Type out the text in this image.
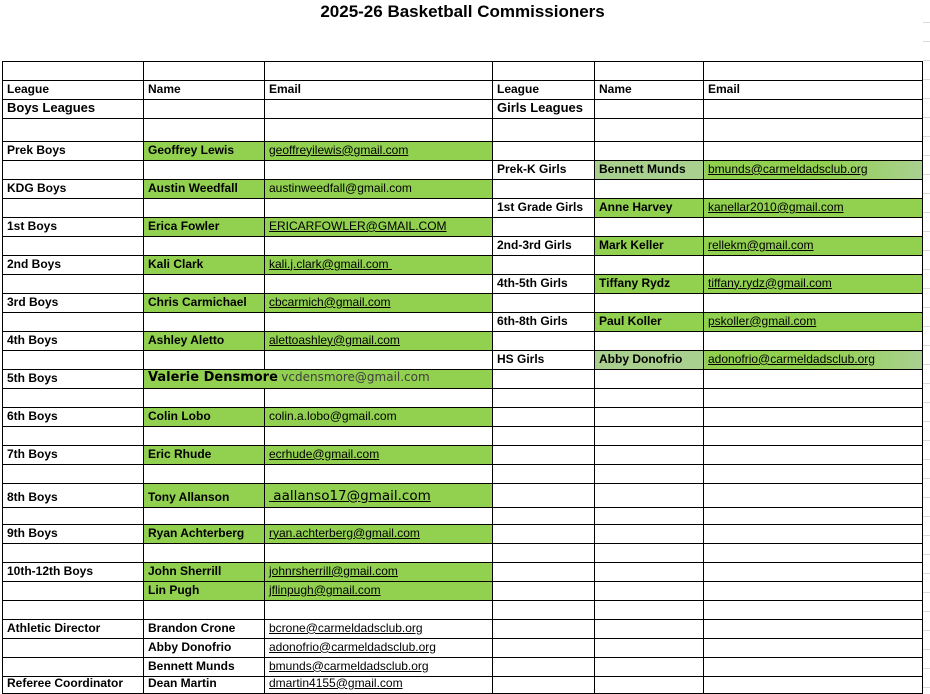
2025-26 Basketball Commissioners					

League	Name	Email	League	Name	Email
Boys Leagues			Girls Leagues		

Prek Boys	Geoffrey Lewis	geoffreyilewis@gmail.com			
			Prek-K Girls	Bennett Munds	bmunds@carmeldadsclub.org
KDG Boys	Austin Weedfall	austinweedfall@gmail.com			
			1st Grade Girls	Anne Harvey	kanellar2010@gmail.com
1st Boys	Erica Fowler	ERICARFOWLER@GMAIL.COM			
			2nd-3rd Girls	Mark Keller	rellekm@gmail.com
2nd Boys	Kali Clark	kali.j.clark@gmail.com			
			4th-5th Girls	Tiffany Rydz	tiffany.rydz@gmail.com
3rd Boys	Chris Carmichael	cbcarmich@gmail.com			
			6th-8th Girls	Paul Koller	pskoller@gmail.com
4th Boys	Ashley Aletto	alettoashley@gmail.com			
			HS Girls	Abby Donofrio	adonofrio@carmeldadsclub.org
5th Boys	Valerie Densmore vcdensmore@gmail.com				

6th Boys	Colin Lobo	colin.a.lobo@gmail.com			

7th Boys	Eric Rhude	ecrhude@gmail.com			

8th Boys	Tony Allanson	aallanso17@gmail.com			

9th Boys	Ryan Achterberg	ryan.achterberg@gmail.com			

10th-12th Boys	John Sherrill	johnrsherrill@gmail.com			
	Lin Pugh	jflinpugh@gmail.com			

Athletic Director	Brandon Crone	bcrone@carmeldadsclub.org			
	Abby Donofrio	adonofrio@carmeldadsclub.org			
	Bennett Munds	bmunds@carmeldadsclub.org			
Referee Coordinator	Dean Martin	dmartin4155@gmail.com			
